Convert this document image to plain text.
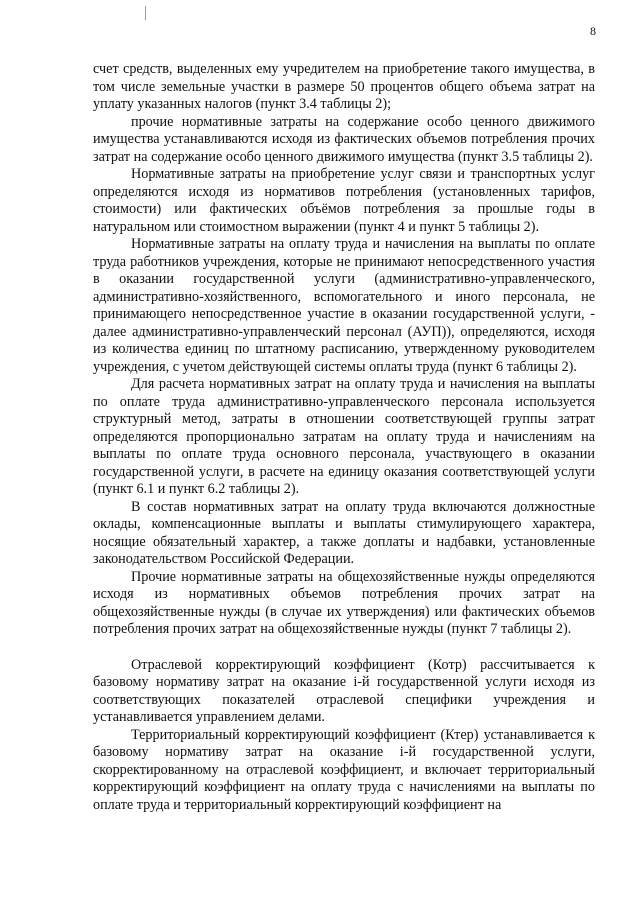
8

счет средств, выделенных ему учредителем на приобретение такого имущества, в том числе земельные участки в размере 50 процентов общего объема затрат на уплату указанных налогов (пункт 3.4 таблицы 2);

прочие нормативные затраты на содержание особо ценного движимого имущества устанавливаются исходя из фактических объемов потребления прочих затрат на содержание особо ценного движимого имущества (пункт 3.5 таблицы 2).

Нормативные затраты на приобретение услуг связи и транспортных услуг определяются исходя из нормативов потребления (установленных тарифов, стоимости) или фактических объёмов потребления за прошлые годы в натуральном или стоимостном выражении (пункт 4 и пункт 5 таблицы 2).

Нормативные затраты на оплату труда и начисления на выплаты по оплате труда работников учреждения, которые не принимают непосредственного участия в оказании государственной услуги (административно-управленческого, административно-хозяйственного, вспомогательного и иного персонала, не принимающего непосредственное участие в оказании государственной услуги, - далее административно-управленческий персонал (АУП)), определяются, исходя из количества единиц по штатному расписанию, утвержденному руководителем учреждения, с учетом действующей системы оплаты труда (пункт 6 таблицы 2).

Для расчета нормативных затрат на оплату труда и начисления на выплаты по оплате труда административно-управленческого персонала используется структурный метод, затраты в отношении соответствующей группы затрат определяются пропорционально затратам на оплату труда и начислениям на выплаты по оплате труда основного персонала, участвующего в оказании государственной услуги, в расчете на единицу оказания соответствующей услуги (пункт 6.1 и пункт 6.2 таблицы 2).

В состав нормативных затрат на оплату труда включаются должностные оклады, компенсационные выплаты и выплаты стимулирующего характера, носящие обязательный характер, а также доплаты и надбавки, установленные законодательством Российской Федерации.

Прочие нормативные затраты на общехозяйственные нужды определяются исходя из нормативных объемов потребления прочих затрат на общехозяйственные нужды (в случае их утверждения) или фактических объемов потребления прочих затрат на общехозяйственные нужды (пункт 7 таблицы 2).

Отраслевой корректирующий коэффициент (Котр) рассчитывается к базовому нормативу затрат на оказание i-й государственной услуги исходя из соответствующих показателей отраслевой специфики учреждения и устанавливается управлением делами.

Территориальный корректирующий коэффициент (Ктер) устанавливается к базовому нормативу затрат на оказание i-й государственной услуги, скорректированному на отраслевой коэффициент, и включает территориальный корректирующий коэффициент на оплату труда с начислениями на выплаты по оплате труда и территориальный корректирующий коэффициент на
